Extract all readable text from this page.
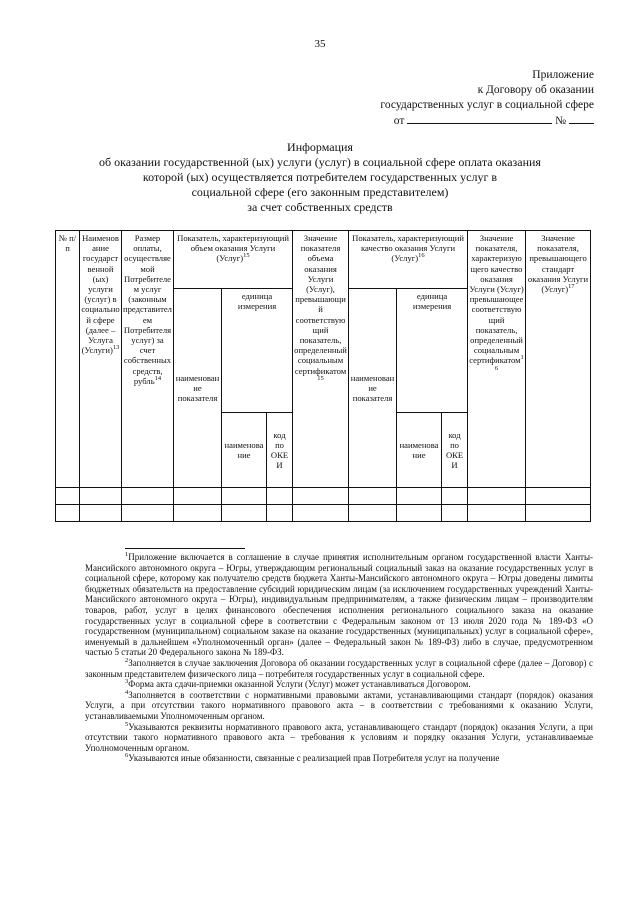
35
Приложение
к Договору об оказании
государственных услуг в социальной сфере
от	№
Информация
об оказании государственной (ых) услуги (услуг) в социальной сфере оплата оказания
которой (ых) осуществляется потребителем государственных услуг в
социальной сфере (его законным представителем)
за счет собственных средств
№ п/п	Наименование государственной (ых) услуги (услуг) в социальной сфере (далее – Услуга (Услуги)$^{13}$	Размер оплаты, осуществляемой Потребителем услуг (законным представителем Потребителя услуг) за счет собственных средств, рубль$^{14}$	Показатель, характеризующий объем оказания Услуги (Услуг)$^{15}$			Значение показателя объема оказания Услуги (Услуг), превышающий соответствующий показатель, определенный социальным сертификатом$^{15}$	Показатель, характеризующий качество оказания Услуги (Услуг)$^{16}$			Значение показателя, характеризующего качество оказания Услуги (Услуг) превышающее соответствующий показатель, определенный социальным сертификатом$^{16}$	Значение показателя, превышающего стандарт оказания Услуги (Услуг)$^{17}$
			наименование показателя	единица измерения			наименование показателя	единица измерения			
				наименование	код по ОКЕИ			наименование	код по ОКЕИ		

$^1$Приложение включается в соглашение в случае принятия исполнительным органом государственной власти Ханты-Мансийского автономного округа – Югры, утверждающим региональный социальный заказ на оказание государственных услуг в социальной сфере, которому как получателю средств бюджета Ханты-Мансийского автономного округа – Югры доведены лимиты бюджетных обязательств на предоставление субсидий юридическим лицам (за исключением государственных учреждений Ханты-Мансийского автономного округа – Югры), индивидуальным предпринимателям, а также физическим лицам – производителям товаров, работ, услуг в целях финансового обеспечения исполнения регионального социального заказа на оказание государственных услуг в социальной сфере в соответствии с Федеральным законом от 13 июля 2020 года № 189-ФЗ «О государственном (муниципальном) социальном заказе на оказание государственных (муниципальных) услуг в социальной сфере», именуемый в дальнейшем «Уполномоченный орган» (далее – Федеральный закон № 189-ФЗ) либо в случае, предусмотренном частью 5 статьи 20 Федерального закона № 189-ФЗ.

$^2$Заполняется в случае заключения Договора об оказании государственных услуг в социальной сфере (далее – Договор) с законным представителем физического лица – потребителя государственных услуг в социальной сфере.

$^3$Форма акта сдачи-приемки оказанной Услуги (Услуг) может устанавливаться Договором.

$^4$Заполняется в соответствии с нормативными правовыми актами, устанавливающими стандарт (порядок) оказания Услуги, а при отсутствии такого нормативного правового акта – в соответствии с требованиями к оказанию Услуги, устанавливаемыми Уполномоченным органом.

$^5$Указываются реквизиты нормативного правового акта, устанавливающего стандарт (порядок) оказания Услуги, а при отсутствии такого нормативного правового акта – требования к условиям и порядку оказания Услуги, устанавливаемые Уполномоченным органом.

$^6$Указываются иные обязанности, связанные с реализацией прав Потребителя услуг на получение
